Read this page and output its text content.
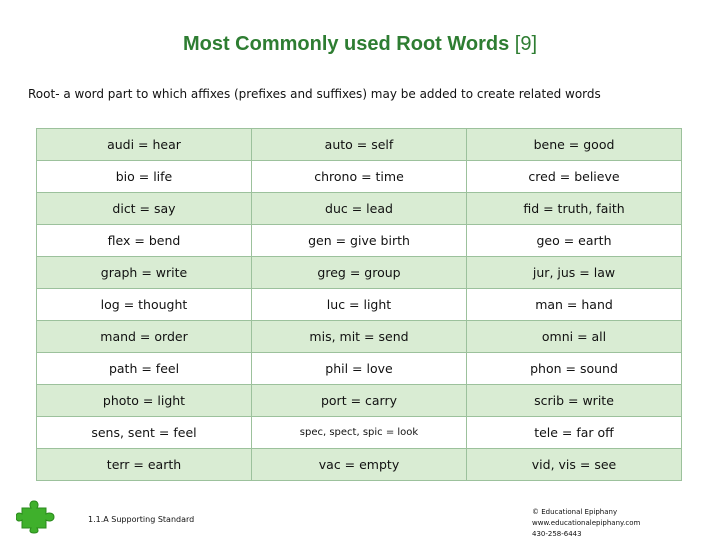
Most Commonly used Root Words [9]
Root- a word part to which affixes (prefixes and suffixes) may be added to create related words
audi = hear	auto = self	bene = good
bio = life	chrono = time	cred = believe
dict = say	duc = lead	fid = truth, faith
flex = bend	gen = give birth	geo = earth
graph = write	greg = group	jur, jus = law
log = thought	luc = light	man = hand
mand = order	mis, mit = send	omni = all
path = feel	phil = love	phon = sound
photo = light	port = carry	scrib = write
sens, sent = feel	spec, spect, spic = look	tele = far off
terr = earth	vac = empty	vid, vis = see
1.1.A Supporting Standard
© Educational Epiphany
www.educationalepiphany.com
430-258-6443
